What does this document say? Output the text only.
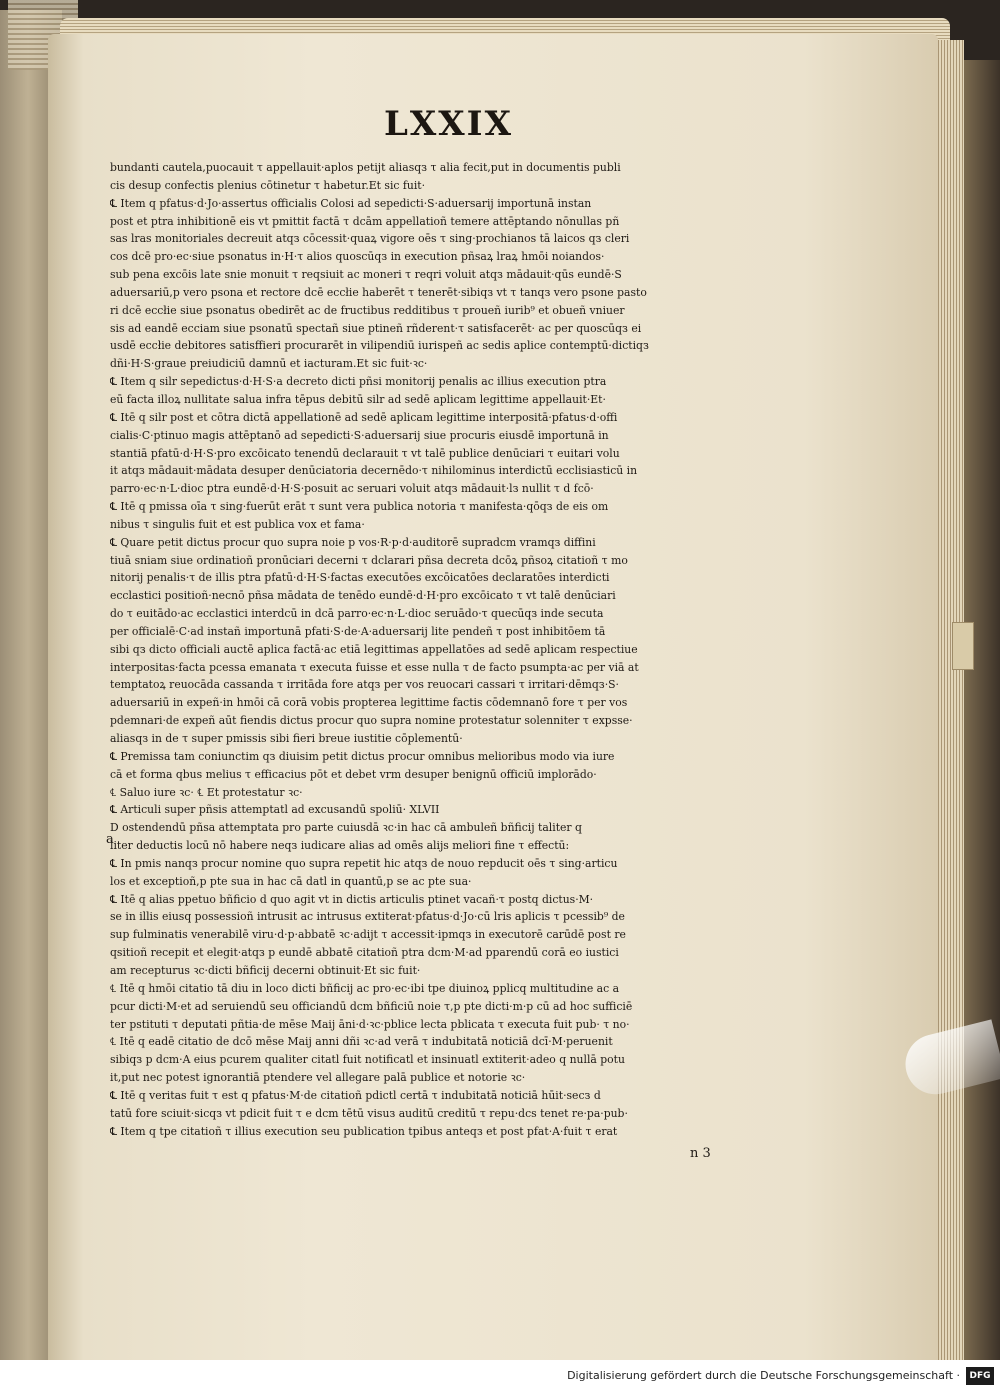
LXXIX
a
bundanti cautela,puocauit τ appellauit·aplos petijt aliasqз τ alia fecit,put in documentis publi
cis desup confectis plenius cōtinetur τ habetur.Et sic fuit·
℄ Item q pfatus·d·Jo·assertus officialis Colosi ad sepedicti·S·aduersarij importunā instan
post et ptra inhibitionē eis vt pmittit factā τ dcām appellatioñ temere attēptando nōnullas pñ
sas lras monitoriales decreuit atqз cōcessit·quaꝝ vigore oēs τ sing·prochianos tā laicos qз cleri
cos dcē pro·ec·siue psonatus in·H·τ alios quoscūqз in execution pñsaꝝ lraꝝ hmōi noiandos·
sub pena excōis late snie monuit τ reqsiuit ac moneri τ reqri voluit atqз mādauit·qūs eundē·S
aduersariū,p vero psona et rectore dcē eccłie haberēt τ tenerēt·sibiqз vt τ tanqз vero psone pasto
ri dcē eccłie siue psonatus obedirēt ac de fructibus redditibus τ proueñ iurib⁹ et obueñ vniuer
sis ad eandē ecciam siue psonatū spectañ siue ptineñ rñderent·τ satisfacerēt· ac per quoscūqз ei
usdē eccłie debitores satisffieri procurarēt in vilipendiū iurispeñ ac sedis aplice contemptū·dictiqз
dñi·H·S·graue preiudiciū damnū et iacturam.Et sic fuit·ꝛc·
℄ Item q silr sepedictus·d·H·S·a decreto dicti pñsi monitorij penalis ac illius execution ptra
eū facta illoꝝ nullitate salua infra tēpus debitū silr ad sedē aplicam legittime appellauit·Et·
℄ Itē q silr post et cōtra dictā appellationē ad sedē aplicam legittime interpositā·pfatus·d·offi
cialis·C·ptinuo magis attēptanō ad sepedicti·S·aduersarij siue procuris eiusdē importunā in
stantiā pfatū·d·H·S·pro excōicato tenendū declarauit τ vt talē publice denūciari τ euitari volu
it atqз mādauit·mādata desuper denūciatoria decernēdo·τ nihilominus interdictū ecclisiasticū in
parro·ec·n·L·dioc ptra eundē·d·H·S·posuit ac seruari voluit atqз mādauit·lз nullit τ d fcō·
℄ Itē q pmissa oīa τ sing·fuerūt erāt τ sunt vera publica notoria τ manifesta·qōqз de eis om
nibus τ singulis fuit et est publica vox et fama·
℄ Quare petit dictus procur quo supra noie p vos·R·p·d·auditorē supradcm vramqз diffini
tiuā sniam siue ordinatioñ pronūciari decerni τ dclarari pñsa decreta dcōꝝ pñsoꝝ citatioñ τ mo
nitorij penalis·τ de illis ptra pfatū·d·H·S·factas executōes excōicatōes declaratōes interdicti
ecclastici positioñ·necnō pñsa mādata de tenēdo eundē·d·H·pro excōicato τ vt talē denūciari
do τ euitādo·ac ecclastici interdcū in dcā parro·ec·n·L·dioc seruādo·τ quecūqз inde secuta
per officialē·C·ad instañ importunā pfati·S·de·A·aduersarij lite pendeñ τ post inhibitōem tā
sibi qз dicto officiali auctē aplica factā·ac etiā legittimas appellatōes ad sedē aplicam respectiue
interpositas·facta pcessa emanata τ executa fuisse et esse nulla τ de facto psumpta·ac per viā at
temptatoꝝ reuocāda cassanda τ irritāda fore atqз per vos reuocari cassari τ irritari·dēmqз·S·
aduersariū in expeñ·in hmōi cā corā vobis propterea legittime factis cōdemnanō fore τ per vos
pdemnari·de expeñ aūt fiendis dictus procur quo supra nomine protestatur solenniter τ expsse·
aliasqз in de τ super pmissis sibi fieri breue iustitie cōplementū·
℄ Premissa tam coniunctim qз diuisim petit dictus procur omnibus melioribus modo via iure
cā et forma qbus melius τ efficacius pōt et debet vrm desuper benignū officiū implorādo·
℄ Saluo iure ꝛc· ℄ Et protestatur ꝛc·
℄ Articuli super pñsis attemptatl ad excusandū spoliū· XLVII
D ostendendū pñsa attemptata pro parte cuiusdā ꝛc·in hac cā ambuleñ bñficij taliter q
liter deductis locū nō habere neqз iudicare alias ad omēs alijs meliori fine τ effectū:
℄ In pmis nanqз procur nomine quo supra repetit hic atqз de nouo repducit oēs τ sing·articu
los et exceptioñ,p pte sua in hac cā datl in quantū,p se ac pte sua·
℄ Itē q alias ppetuo bñficio d quo agit vt in dictis articulis ptinet vacañ·τ postq dictus·M·
se in illis eiusq possessioñ intrusit ac intrusus extiterat·pfatus·d·Jo·cū lris aplicis τ pcessib⁹ de
sup fulminatis venerabilē viru·d·p·abbatē ꝛc·adijt τ accessit·ipmqз in executorē carūdē post re
qsitioñ recepit et elegit·atqз p eundē abbatē citatioñ ptra dcm·M·ad pparendū corā eo iustici
am recepturus ꝛc·dicti bñficij decerni obtinuit·Et sic fuit·
℄ Itē q hmōi citatio tā diu in loco dicti bñficij ac pro·ec·ibi tpe diuinoꝝ pplicq multitudine ac a
pcur dicti·M·et ad seruiendū seu officiandū dcm bñficiū noie τ,p pte dicti·m·p cū ad hoc sufficiē
ter pstituti τ deputati pñtia·de mēse Maij āni·d·ꝛc·pblice lecta pblicata τ executa fuit pub· τ no·
℄ Itē q eadē citatio de dcō mēse Maij anni dñi ꝛc·ad verā τ indubitatā noticiā dcī·M·peruenit
sibiqз p dcm·A eius pcurem qualiter citatl fuit notificatl et insinuatl extiterit·adeo q nullā potu
it,put nec potest ignorantiā ptendere vel allegare palā publice et notorie ꝛc·
℄ Itē q veritas fuit τ est q pfatus·M·de citatioñ pdictl certā τ indubitatā noticiā hūit·secз d
tatū fore sciuit·sicqз vt pdicit fuit τ e dcm tētū visuз auditū creditū τ repu·dcs tenet re·pa·pub·
℄ Item q tpe citatioñ τ illius execution seu publication tpibus anteqз et post pfat·A·fuit τ erat
n 3
Digitalisierung gefördert durch die Deutsche Forschungsgemeinschaft ·	DFG
